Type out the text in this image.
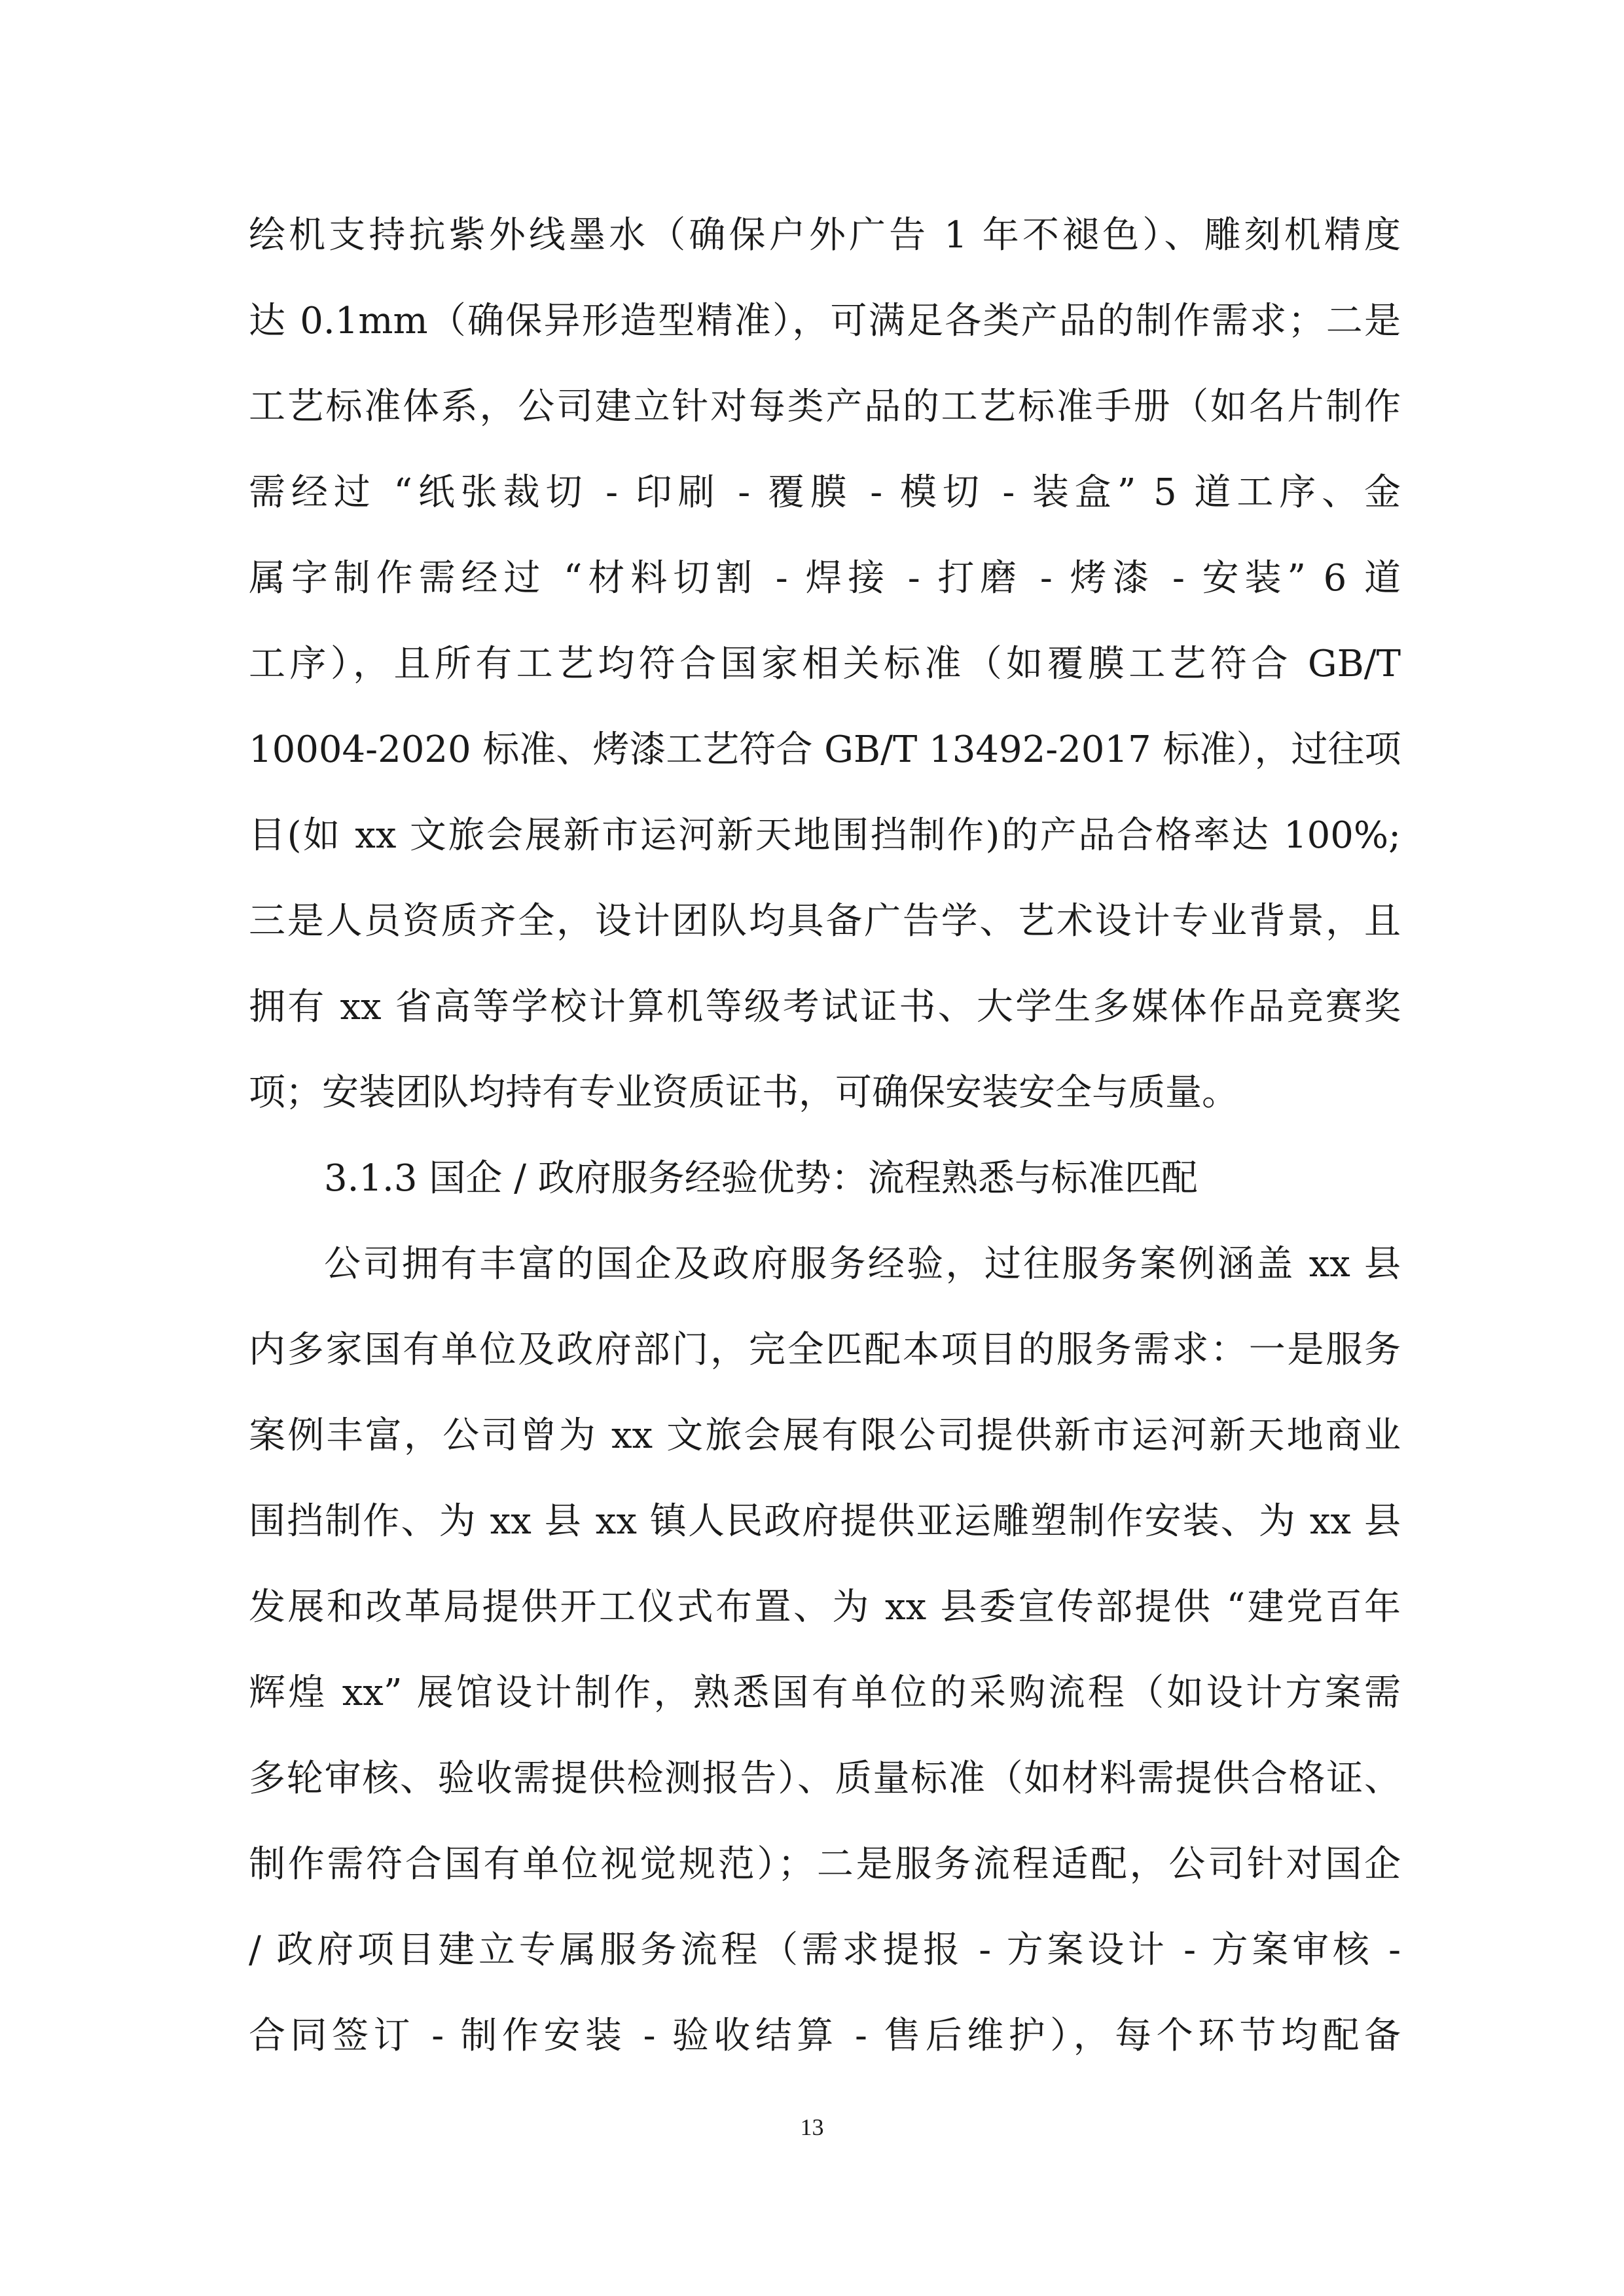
绘机支持抗紫外线墨水（确保户外广告 1 年不褪色）、雕刻机精度
达 0.1mm（确保异形造型精准），可满足各类产品的制作需求；二是
工艺标准体系，公司建立针对每类产品的工艺标准手册（如名片制作
需经过 “纸张裁切 - 印刷 - 覆膜 - 模切 - 装盒” 5 道工序、金
属字制作需经过 “材料切割 - 焊接 - 打磨 - 烤漆 - 安装” 6 道
工序），且所有工艺均符合国家相关标准（如覆膜工艺符合 GB/T
10004-2020 标准、烤漆工艺符合 GB/T 13492-2017 标准），过往项
目(如 xx 文旅会展新市运河新天地围挡制作)的产品合格率达 100%;
三是人员资质齐全，设计团队均具备广告学、艺术设计专业背景，且
拥有 xx 省高等学校计算机等级考试证书、大学生多媒体作品竞赛奖
项；安装团队均持有专业资质证书，可确保安装安全与质量。
3.1.3 国企 / 政府服务经验优势：流程熟悉与标准匹配
公司拥有丰富的国企及政府服务经验，过往服务案例涵盖 xx 县
内多家国有单位及政府部门，完全匹配本项目的服务需求：一是服务
案例丰富，公司曾为 xx 文旅会展有限公司提供新市运河新天地商业
围挡制作、为 xx 县 xx 镇人民政府提供亚运雕塑制作安装、为 xx 县
发展和改革局提供开工仪式布置、为 xx 县委宣传部提供 “建党百年
辉煌 xx” 展馆设计制作，熟悉国有单位的采购流程（如设计方案需
多轮审核、验收需提供检测报告）、质量标准（如材料需提供合格证、
制作需符合国有单位视觉规范）；二是服务流程适配，公司针对国企
/ 政府项目建立专属服务流程（需求提报 - 方案设计 - 方案审核 -
合同签订 - 制作安装 - 验收结算 - 售后维护），每个环节均配备
13
